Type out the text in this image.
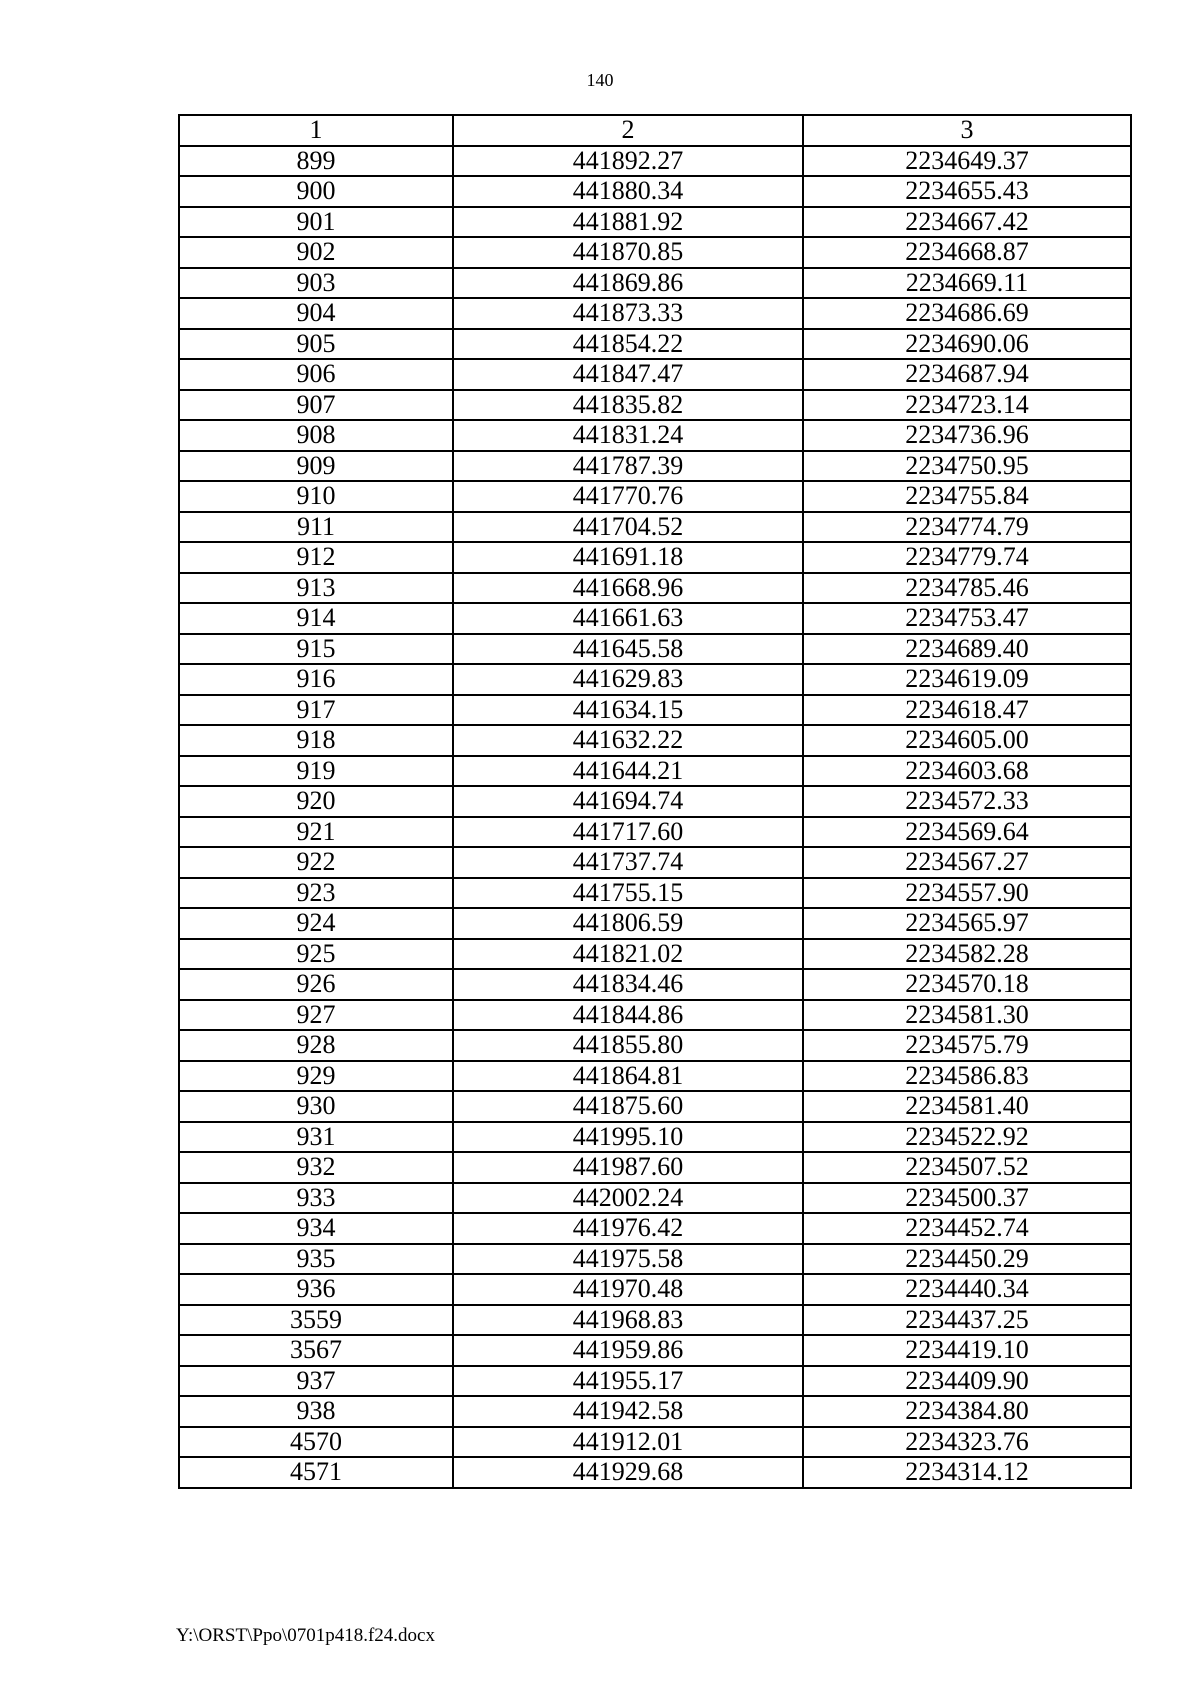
140
1	2	3
899	441892.27	2234649.37
900	441880.34	2234655.43
901	441881.92	2234667.42
902	441870.85	2234668.87
903	441869.86	2234669.11
904	441873.33	2234686.69
905	441854.22	2234690.06
906	441847.47	2234687.94
907	441835.82	2234723.14
908	441831.24	2234736.96
909	441787.39	2234750.95
910	441770.76	2234755.84
911	441704.52	2234774.79
912	441691.18	2234779.74
913	441668.96	2234785.46
914	441661.63	2234753.47
915	441645.58	2234689.40
916	441629.83	2234619.09
917	441634.15	2234618.47
918	441632.22	2234605.00
919	441644.21	2234603.68
920	441694.74	2234572.33
921	441717.60	2234569.64
922	441737.74	2234567.27
923	441755.15	2234557.90
924	441806.59	2234565.97
925	441821.02	2234582.28
926	441834.46	2234570.18
927	441844.86	2234581.30
928	441855.80	2234575.79
929	441864.81	2234586.83
930	441875.60	2234581.40
931	441995.10	2234522.92
932	441987.60	2234507.52
933	442002.24	2234500.37
934	441976.42	2234452.74
935	441975.58	2234450.29
936	441970.48	2234440.34
3559	441968.83	2234437.25
3567	441959.86	2234419.10
937	441955.17	2234409.90
938	441942.58	2234384.80
4570	441912.01	2234323.76
4571	441929.68	2234314.12
Y:\ORST\Ppo\0701p418.f24.docx
